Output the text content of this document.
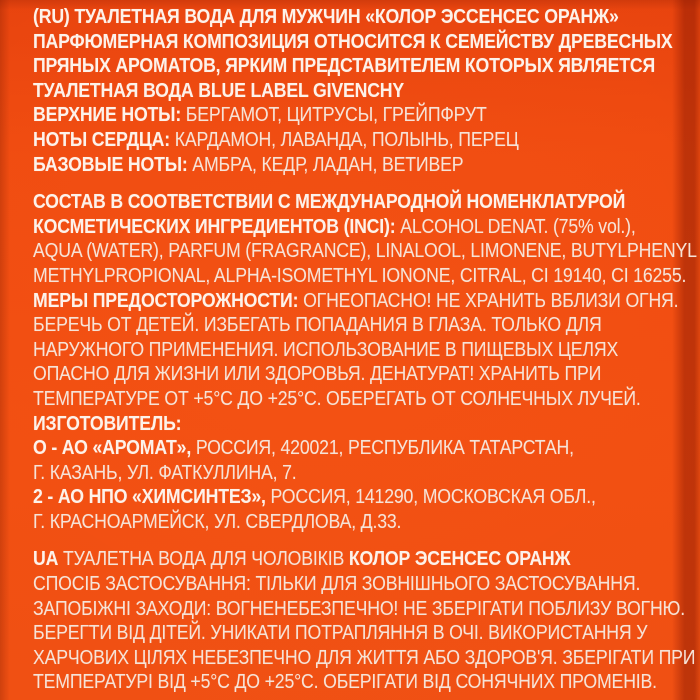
(RU) ТУАЛЕТНАЯ ВОДА ДЛЯ МУЖЧИН «КОЛОР ЭССЕНСЕС ОРАНЖ»
ПАРФЮМЕРНАЯ КОМПОЗИЦИЯ ОТНОСИТСЯ К СЕМЕЙСТВУ ДРЕВЕСНЫХ
ПРЯНЫХ АРОМАТОВ, ЯРКИМ ПРЕДСТАВИТЕЛЕМ КОТОРЫХ ЯВЛЯЕТСЯ
ТУАЛЕТНАЯ ВОДА BLUE LABEL GIVENCHY
ВЕРХНИЕ НОТЫ: БЕРГАМОТ, ЦИТРУСЫ, ГРЕЙПФРУТ
НОТЫ СЕРДЦА: КАРДАМОН, ЛАВАНДА, ПОЛЫНЬ, ПЕРЕЦ
БАЗОВЫЕ НОТЫ: АМБРА, КЕДР, ЛАДАН, ВЕТИВЕР
СОСТАВ В СООТВЕТСТВИИ С МЕЖДУНАРОДНОЙ НОМЕНКЛАТУРОЙ
КОСМЕТИЧЕСКИХ ИНГРЕДИЕНТОВ (INCI): ALCOHOL DENAT. (75% vol.),
AQUA (WATER), PARFUM (FRAGRANCE), LINALOOL, LIMONENE, BUTYLPHENYL
METHYLPROPIONAL, ALPHA-ISOMETHYL IONONE, CITRAL, CI 19140, CI 16255.
МЕРЫ ПРЕДОСТОРОЖНОСТИ: ОГНЕОПАСНО! НЕ ХРАНИТЬ ВБЛИЗИ ОГНЯ.
БЕРЕЧЬ ОТ ДЕТЕЙ. ИЗБЕГАТЬ ПОПАДАНИЯ В ГЛАЗА. ТОЛЬКО ДЛЯ
НАРУЖНОГО ПРИМЕНЕНИЯ. ИСПОЛЬЗОВАНИЕ В ПИЩЕВЫХ ЦЕЛЯХ
ОПАСНО ДЛЯ ЖИЗНИ ИЛИ ЗДОРОВЬЯ. ДЕНАТУРАТ! ХРАНИТЬ ПРИ
ТЕМПЕРАТУРЕ ОТ +5°С ДО +25°С. ОБЕРЕГАТЬ ОТ СОЛНЕЧНЫХ ЛУЧЕЙ.
ИЗГОТОВИТЕЛЬ:
О - АО «АРОМАТ», РОССИЯ, 420021, РЕСПУБЛИКА ТАТАРСТАН,
Г. КАЗАНЬ, УЛ. ФАТКУЛЛИНА, 7.
2 - АО НПО «ХИМСИНТЕЗ», РОССИЯ, 141290, МОСКОВСКАЯ ОБЛ.,
Г. КРАСНОАРМЕЙСК, УЛ. СВЕРДЛОВА, Д.33.
UA ТУАЛЕТНА ВОДА ДЛЯ ЧОЛОВІКІВ КОЛОР ЭСЕНСЕС ОРАНЖ
СПОСІБ ЗАСТОСУВАННЯ: ТІЛЬКИ ДЛЯ ЗОВНІШНЬОГО ЗАСТОСУВАННЯ.
ЗАПОБІЖНІ ЗАХОДИ: ВОГНЕНЕБЕЗПЕЧНО! НЕ ЗБЕРІГАТИ ПОБЛИЗУ ВОГНЮ.
БЕРЕГТИ ВІД ДІТЕЙ. УНИКАТИ ПОТРАПЛЯННЯ В ОЧІ. ВИКОРИСТАННЯ У
ХАРЧОВИХ ЦІЛЯХ НЕБЕЗПЕЧНО ДЛЯ ЖИТТЯ АБО ЗДОРОВ'Я. ЗБЕРІГАТИ ПРИ
ТЕМПЕРАТУРІ ВІД +5°С ДО +25°С. ОБЕРІГАТИ ВІД СОНЯЧНИХ ПРОМЕНІВ.
